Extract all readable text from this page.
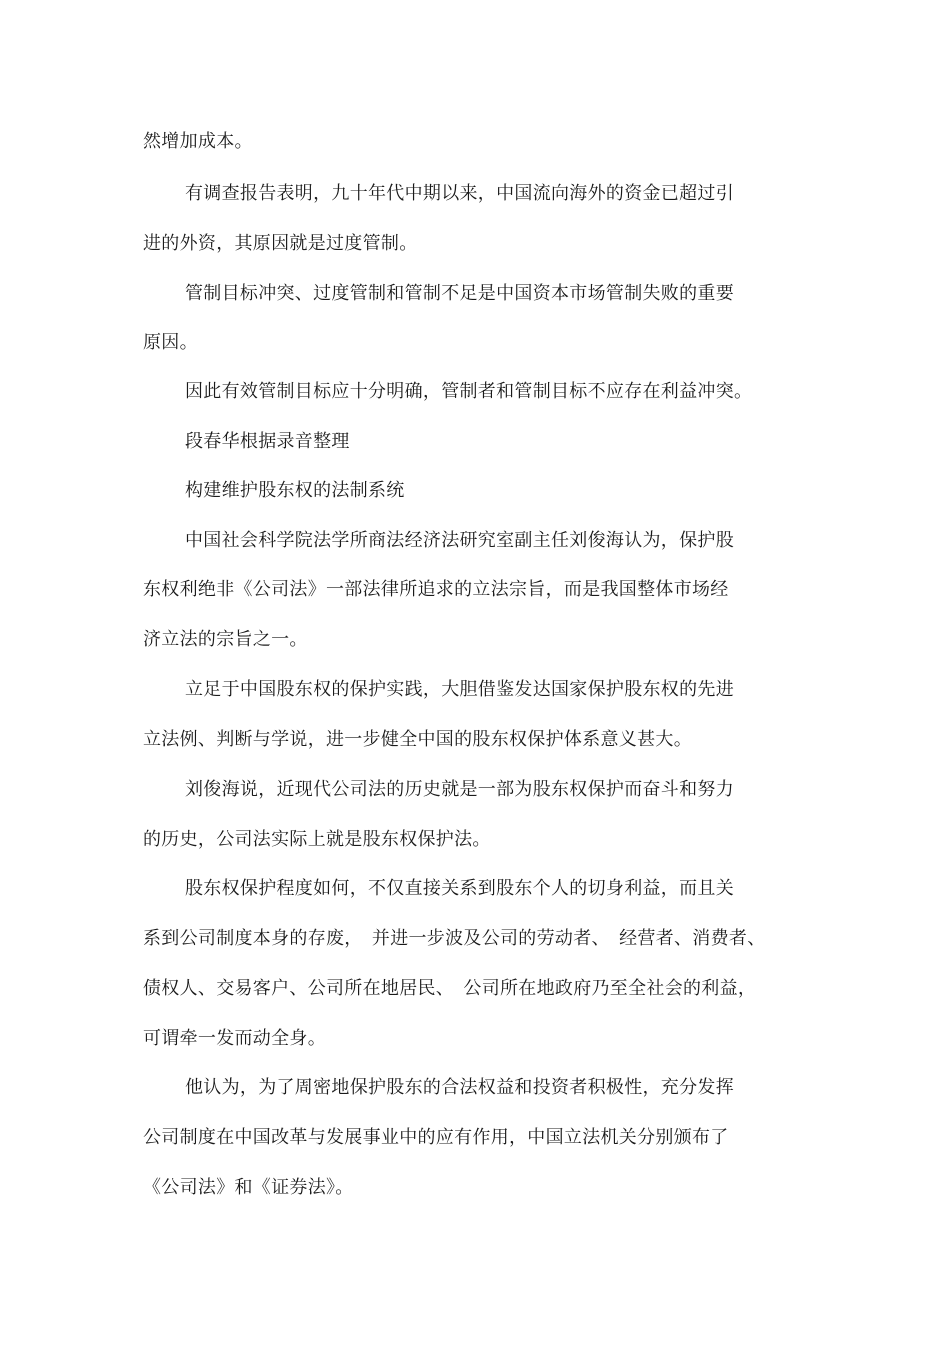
然增加成本。
有调查报告表明，九十年代中期以来，中国流向海外的资金已超过引
进的外资，其原因就是过度管制。
管制目标冲突、过度管制和管制不足是中国资本市场管制失败的重要
原因。
因此有效管制目标应十分明确，管制者和管制目标不应存在利益冲突。
段春华根据录音整理
构建维护股东权的法制系统
中国社会科学院法学所商法经济法研究室副主任刘俊海认为，保护股
东权利绝非《公司法》一部法律所追求的立法宗旨，而是我国整体市场经
济立法的宗旨之一。
立足于中国股东权的保护实践，大胆借鉴发达国家保护股东权的先进
立法例、判断与学说，进一步健全中国的股东权保护体系意义甚大。
刘俊海说，近现代公司法的历史就是一部为股东权保护而奋斗和努力
的历史，公司法实际上就是股东权保护法。
股东权保护程度如何，不仅直接关系到股东个人的切身利益，而且关
系到公司制度本身的存废，　并进一步波及公司的劳动者、　经营者、消费者、
债权人、交易客户、公司所在地居民、　公司所在地政府乃至全社会的利益，
可谓牵一发而动全身。
他认为，为了周密地保护股东的合法权益和投资者积极性，充分发挥
公司制度在中国改革与发展事业中的应有作用，中国立法机关分别颁布了
《公司法》和《证券法》。
